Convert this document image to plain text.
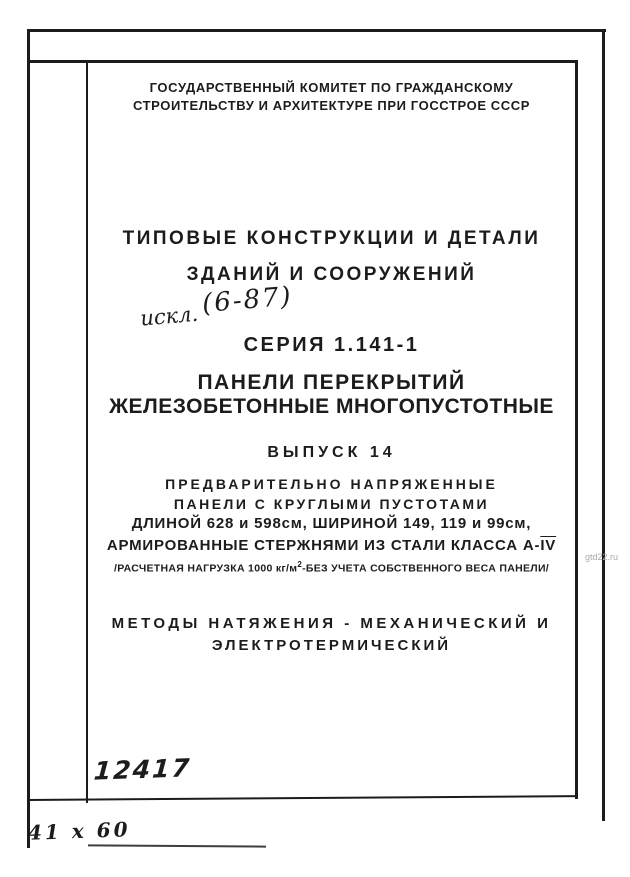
ГОСУДАРСТВЕННЫЙ КОМИТЕТ ПО ГРАЖДАНСКОМУ
СТРОИТЕЛЬСТВУ И АРХИТЕКТУРЕ ПРИ ГОССТРОЕ СССР
ТИПОВЫЕ КОНСТРУКЦИИ И ДЕТАЛИ
ЗДАНИЙ И СООРУЖЕНИЙ
искл.(6-87)
СЕРИЯ 1.141-1
ПАНЕЛИ ПЕРЕКРЫТИЙ
ЖЕЛЕЗОБЕТОННЫЕ МНОГОПУСТОТНЫЕ
ВЫПУСК 14
ПРЕДВАРИТЕЛЬНО НАПРЯЖЕННЫЕ
ПАНЕЛИ С КРУГЛЫМИ ПУСТОТАМИ
ДЛИНОЙ 628 и 598см, ШИРИНОЙ 149, 119 и 99см,
АРМИРОВАННЫЕ СТЕРЖНЯМИ ИЗ СТАЛИ КЛАССА $А-\overline{IV}$
/РАСЧЕТНАЯ НАГРУЗКА 1000 $кг/м^2$-БЕЗ УЧЕТА СОБСТВЕННОГО ВЕСА ПАНЕЛИ/
МЕТОДЫ НАТЯЖЕНИЯ - МЕХАНИЧЕСКИЙ И
ЭЛЕКТРОТЕРМИЧЕСКИЙ
12417
41 х 60
gtd22.ru
